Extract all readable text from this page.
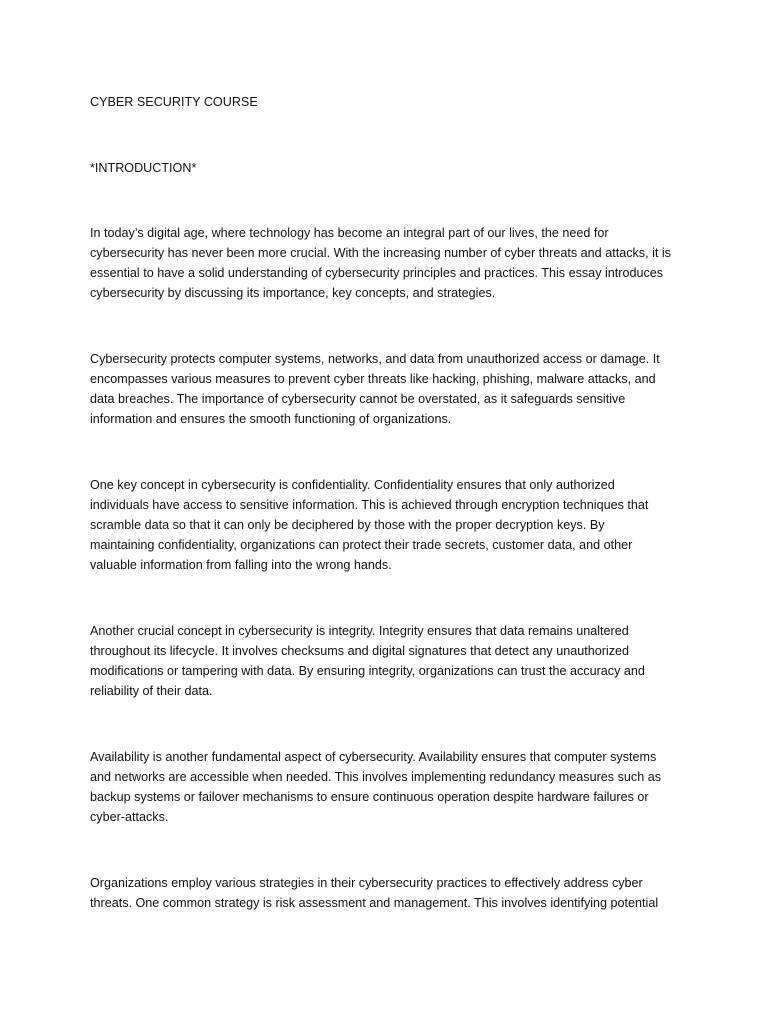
CYBER SECURITY COURSE
*INTRODUCTION*

In today’s digital age, where technology has become an integral part of our lives, the need for
cybersecurity has never been more crucial. With the increasing number of cyber threats and attacks, it is
essential to have a solid understanding of cybersecurity principles and practices. This essay introduces
cybersecurity by discussing its importance, key concepts, and strategies.

Cybersecurity protects computer systems, networks, and data from unauthorized access or damage. It
encompasses various measures to prevent cyber threats like hacking, phishing, malware attacks, and
data breaches. The importance of cybersecurity cannot be overstated, as it safeguards sensitive
information and ensures the smooth functioning of organizations.

One key concept in cybersecurity is confidentiality. Confidentiality ensures that only authorized
individuals have access to sensitive information. This is achieved through encryption techniques that
scramble data so that it can only be deciphered by those with the proper decryption keys. By
maintaining confidentiality, organizations can protect their trade secrets, customer data, and other
valuable information from falling into the wrong hands.

Another crucial concept in cybersecurity is integrity. Integrity ensures that data remains unaltered
throughout its lifecycle. It involves checksums and digital signatures that detect any unauthorized
modifications or tampering with data. By ensuring integrity, organizations can trust the accuracy and
reliability of their data.

Availability is another fundamental aspect of cybersecurity. Availability ensures that computer systems
and networks are accessible when needed. This involves implementing redundancy measures such as
backup systems or failover mechanisms to ensure continuous operation despite hardware failures or
cyber-attacks.

Organizations employ various strategies in their cybersecurity practices to effectively address cyber
threats. One common strategy is risk assessment and management. This involves identifying potential
